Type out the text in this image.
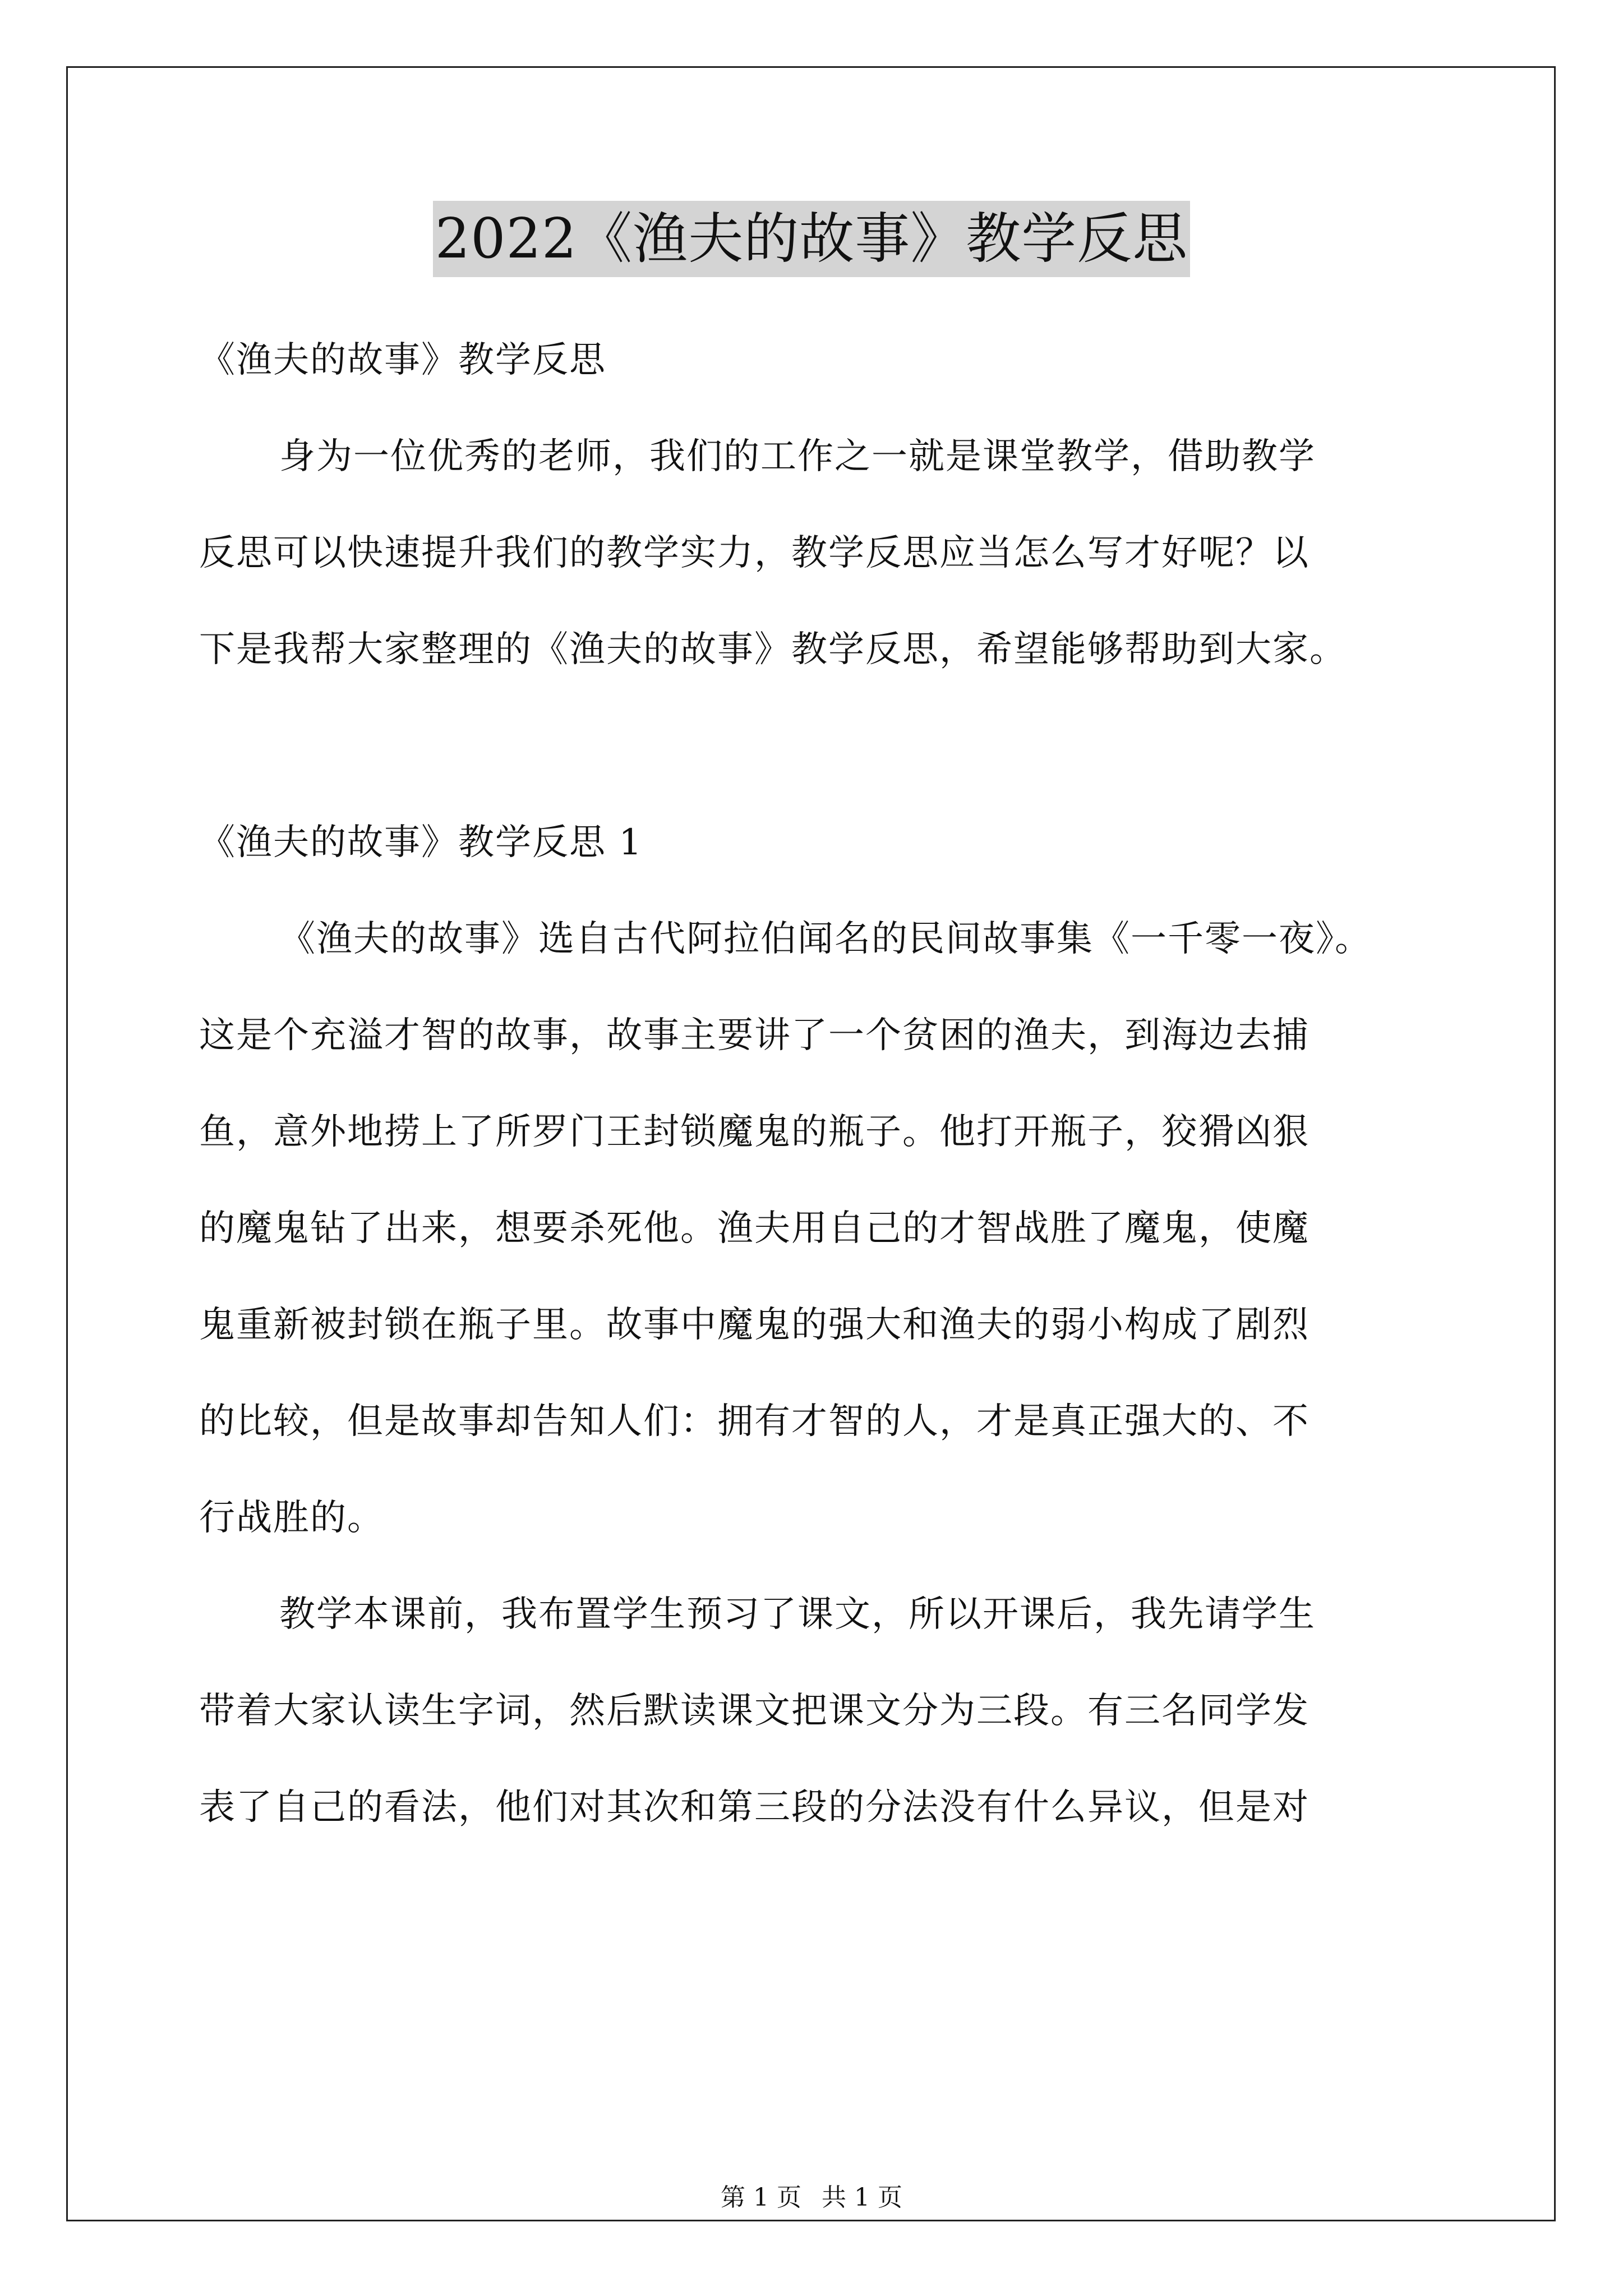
2022《渔夫的故事》教学反思
《渔夫的故事》教学反思
身为一位优秀的老师，我们的工作之一就是课堂教学，借助教学
反思可以快速提升我们的教学实力，教学反思应当怎么写才好呢？以
下是我帮大家整理的《渔夫的故事》教学反思，希望能够帮助到大家。
《渔夫的故事》教学反思 1
《渔夫的故事》选自古代阿拉伯闻名的民间故事集《一千零一夜》。
这是个充溢才智的故事，故事主要讲了一个贫困的渔夫，到海边去捕
鱼，意外地捞上了所罗门王封锁魔鬼的瓶子。他打开瓶子，狡猾凶狠
的魔鬼钻了出来，想要杀死他。渔夫用自己的才智战胜了魔鬼，使魔
鬼重新被封锁在瓶子里。故事中魔鬼的强大和渔夫的弱小构成了剧烈
的比较，但是故事却告知人们：拥有才智的人，才是真正强大的、不
行战胜的。
教学本课前，我布置学生预习了课文，所以开课后，我先请学生
带着大家认读生字词，然后默读课文把课文分为三段。有三名同学发
表了自己的看法，他们对其次和第三段的分法没有什么异议，但是对
第 1 页 共 1 页
